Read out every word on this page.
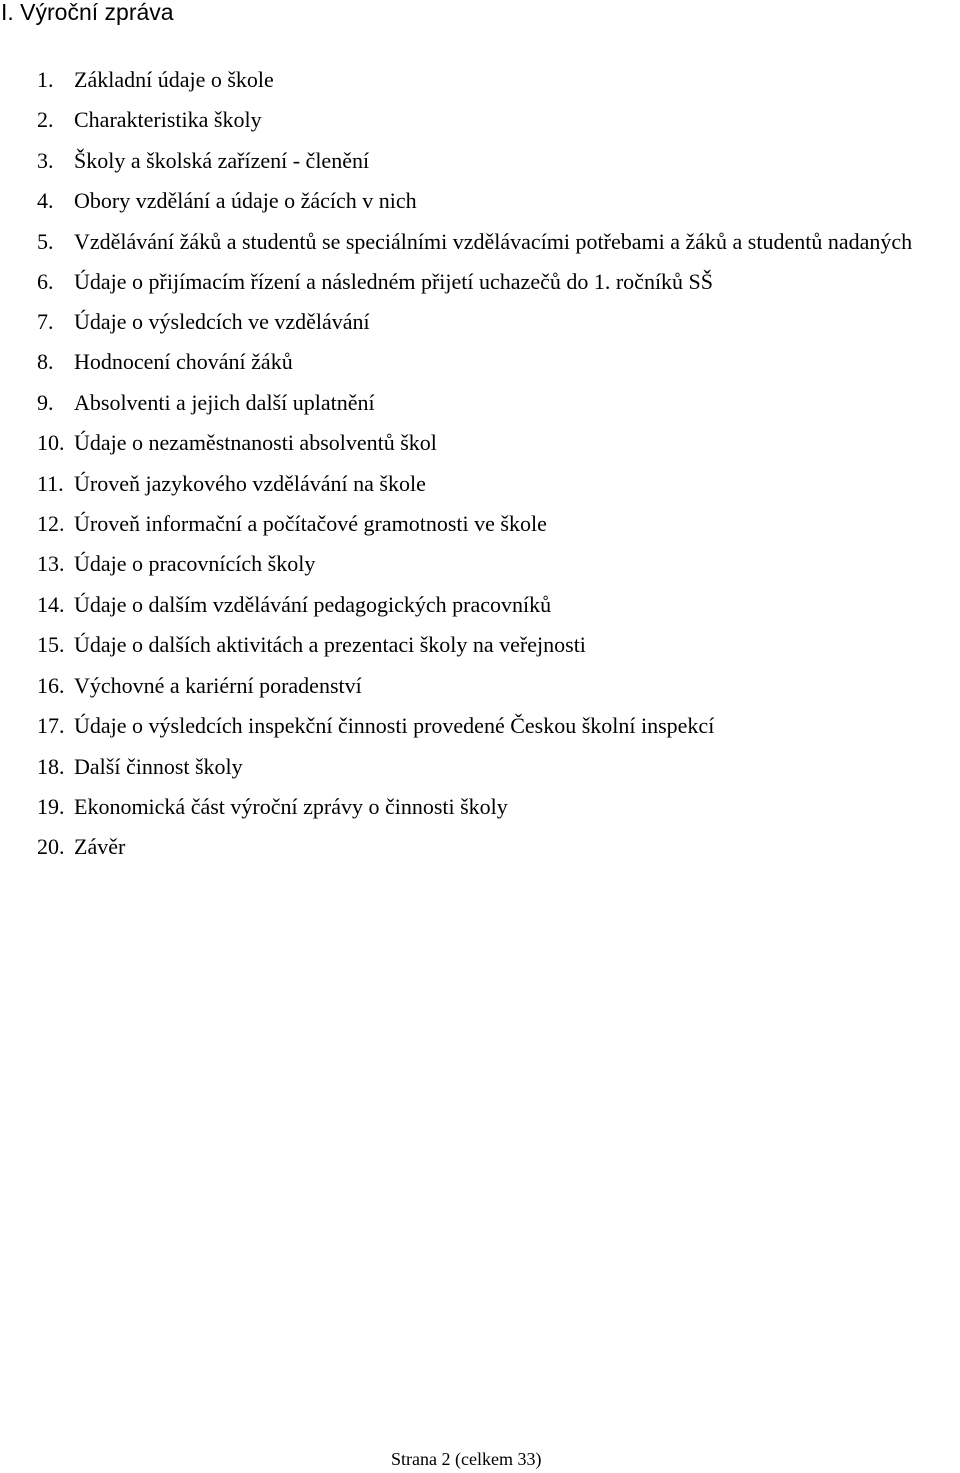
I. Výroční zpráva
1. Základní údaje o škole
2. Charakteristika školy
3. Školy a školská zařízení - členění
4. Obory vzdělání a údaje o žácích v nich
5. Vzdělávání žáků a studentů se speciálními vzdělávacími potřebami a žáků a studentů nadaných
6. Údaje o přijímacím řízení a následném přijetí uchazečů do 1. ročníků SŠ
7. Údaje o výsledcích ve vzdělávání
8. Hodnocení chování žáků
9. Absolventi a jejich další uplatnění
10. Údaje o nezaměstnanosti absolventů škol
11. Úroveň jazykového vzdělávání na škole
12. Úroveň informační a počítačové gramotnosti ve škole
13. Údaje o pracovnících školy
14. Údaje o dalším vzdělávání pedagogických pracovníků
15. Údaje o dalších aktivitách a prezentaci školy na veřejnosti
16. Výchovné a kariérní poradenství
17. Údaje o výsledcích inspekční činnosti provedené Českou školní inspekcí
18. Další činnost školy
19. Ekonomická část výroční zprávy o činnosti školy
20. Závěr
Strana 2 (celkem 33)
